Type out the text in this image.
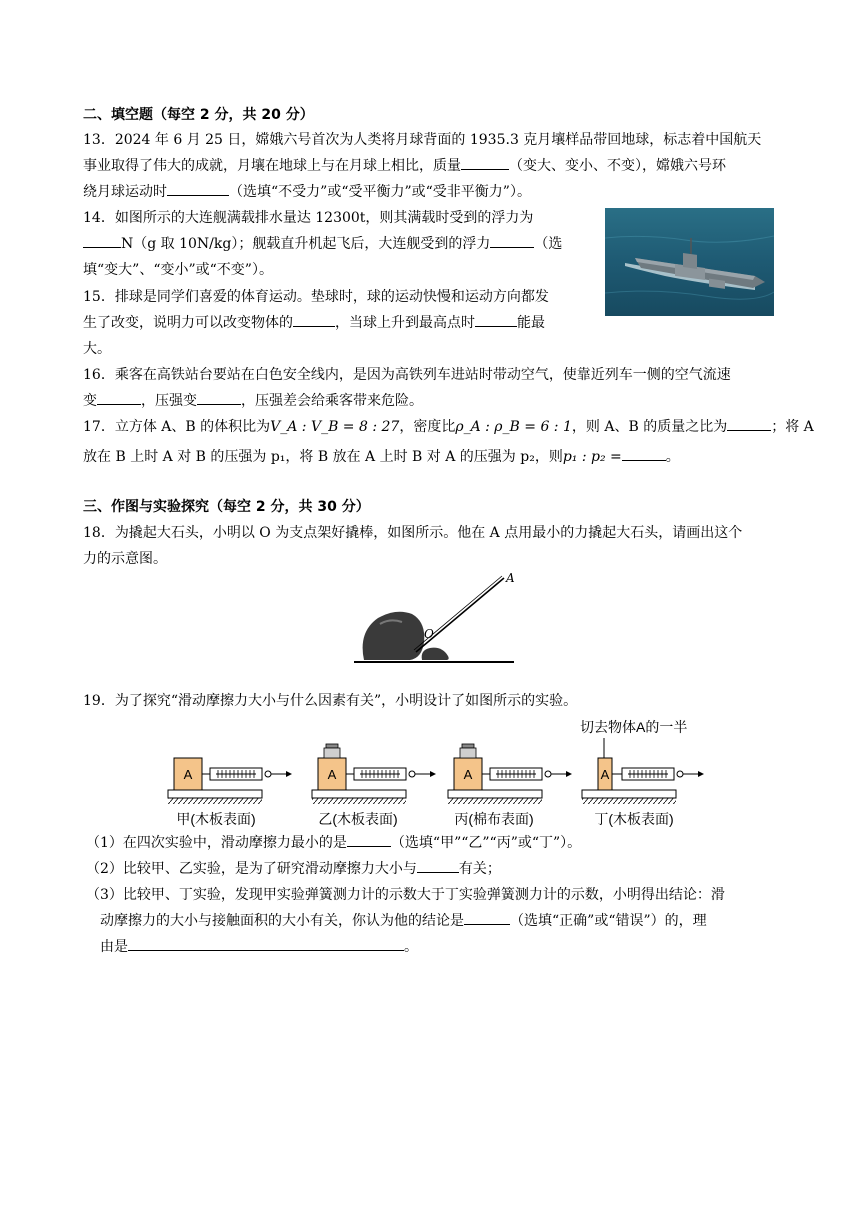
二、填空题（每空 2 分，共 20 分）
13．2024 年 6 月 25 日，嫦娥六号首次为人类将月球背面的 1935.3 克月壤样品带回地球，标志着中国航天
事业取得了伟大的成就，月壤在地球上与在月球上相比，质量	（变大、变小、不变），嫦娥六号环
绕月球运动时	（选填“不受力”或“受平衡力”或“受非平衡力”）。
14．如图所示的大连舰满载排水量达 12300t，则其满载时受到的浮力为
N（g 取 10N/kg）；舰载直升机起飞后，大连舰受到的浮力	（选
填“变大”、“变小”或“不变”）。
15．排球是同学们喜爱的体育运动。垫球时，球的运动快慢和运动方向都发
生了改变，说明力可以改变物体的	，当球上升到最高点时	能最
大。
16．乘客在高铁站台要站在白色安全线内，是因为高铁列车进站时带动空气，使靠近列车一侧的空气流速
变	，压强变	，压强差会给乘客带来危险。
17．立方体 A、B 的体积比为V_A : V_B = 8 : 27，密度比ρ_A : ρ_B = 6 : 1，则 A、B 的质量之比为	；将 A
放在 B 上时 A 对 B 的压强为 p₁，将 B 放在 A 上时 B 对 A 的压强为 p₂，则p₁ : p₂ =	。
三、作图与实验探究（每空 2 分，共 30 分）
18．为撬起大石头，小明以 O 为支点架好撬棒，如图所示。他在 A 点用最小的力撬起大石头，请画出这个
力的示意图。
A
O
19．为了探究“滑动摩擦力大小与什么因素有关”，小明设计了如图所示的实验。
A	A	A
切去物体A的一半
A
甲(木板表面)	乙(木板表面)	丙(棉布表面)	丁(木板表面)
（1）在四次实验中，滑动摩擦力最小的是	（选填“甲”“乙”“丙”或“丁”）。
（2）比较甲、乙实验，是为了研究滑动摩擦力大小与	有关；
（3）比较甲、丁实验，发现甲实验弹簧测力计的示数大于丁实验弹簧测力计的示数，小明得出结论：滑
动摩擦力的大小与接触面积的大小有关，你认为他的结论是	（选填“正确”或“错误”）的，理
由是	。
